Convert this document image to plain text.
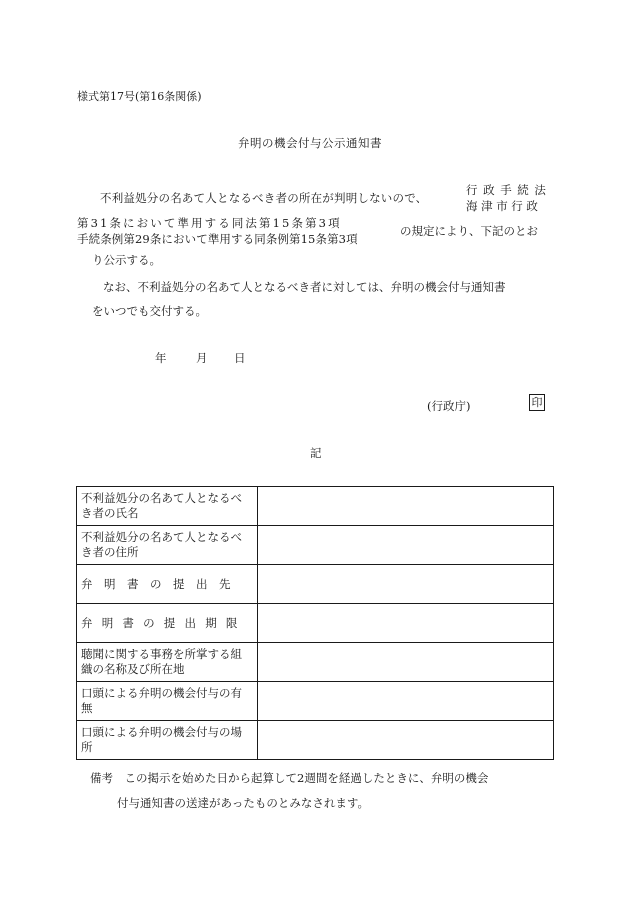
様式第17号(第16条関係)
弁明の機会付与公示通知書
不利益処分の名あて人となるべき者の所在が判明しないので、
行政手続法
海津市行政
第31条において準用する同法第15条第3項
手続条例第29条において準用する同条例第15条第3項
の規定により、下記のとお
り公示する。
なお、不利益処分の名あて人となるべき者に対しては、弁明の機会付与通知書
をいつでも交付する。
年	月 日
(行政庁)	印
記
不利益処分の名あて人となるべき者の氏名	
不利益処分の名あて人となるべき者の住所	
弁明書の提出先	
弁明書の提出期限	
聴聞に関する事務を所掌する組織の名称及び所在地	
口頭による弁明の機会付与の有無	
口頭による弁明の機会付与の場所	
備考　この掲示を始めた日から起算して2週間を経過したときに、弁明の機会
付与通知書の送達があったものとみなされます。
